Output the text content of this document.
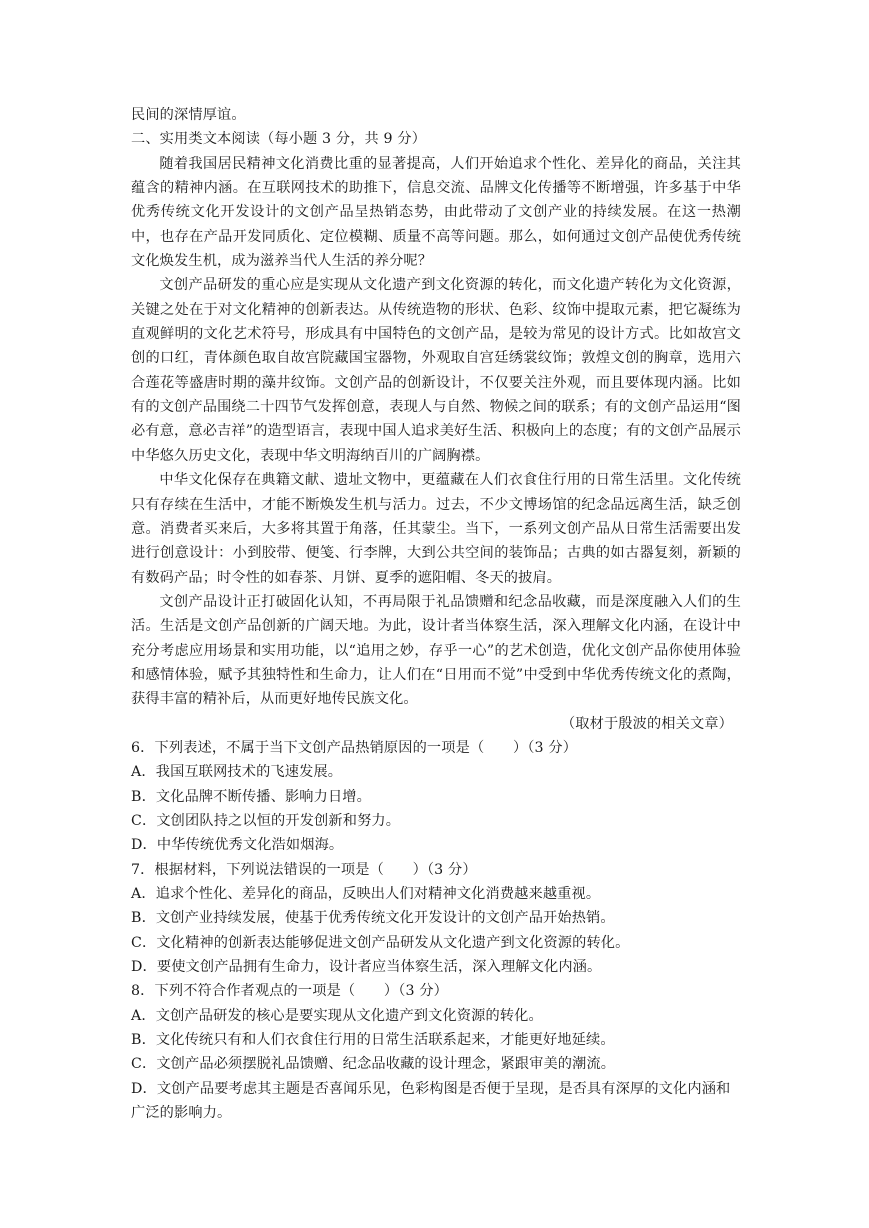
民间的深情厚谊。

二、实用类文本阅读（每小题 3 分，共 9 分）

随着我国居民精神文化消费比重的显著提高，人们开始追求个性化、差异化的商品，关注其蕴含的精神内涵。在互联网技术的助推下，信息交流、品牌文化传播等不断增强，许多基于中华优秀传统文化开发设计的文创产品呈热销态势，由此带动了文创产业的持续发展。在这一热潮中，也存在产品开发同质化、定位模糊、质量不高等问题。那么，如何通过文创产品使优秀传统文化焕发生机，成为滋养当代人生活的养分呢？

文创产品研发的重心应是实现从文化遗产到文化资源的转化，而文化遗产转化为文化资源，关键之处在于对文化精神的创新表达。从传统造物的形状、色彩、纹饰中提取元素，把它凝练为直观鲜明的文化艺术符号，形成具有中国特色的文创产品，是较为常见的设计方式。比如故宫文创的口红，青体颜色取自故宫院藏国宝器物，外观取自宫廷绣裳纹饰；敦煌文创的胸章，选用六合莲花等盛唐时期的藻井纹饰。文创产品的创新设计，不仅要关注外观，而且要体现内涵。比如有的文创产品围绕二十四节气发挥创意，表现人与自然、物候之间的联系；有的文创产品运用“图必有意，意必吉祥”的造型语言，表现中国人追求美好生活、积极向上的态度；有的文创产品展示中华悠久历史文化，表现中华文明海纳百川的广阔胸襟。

中华文化保存在典籍文献、遗址文物中，更蕴藏在人们衣食住行用的日常生活里。文化传统只有存续在生活中，才能不断焕发生机与活力。过去，不少文博场馆的纪念品远离生活，缺乏创意。消费者买来后，大多将其置于角落，任其蒙尘。当下，一系列文创产品从日常生活需要出发进行创意设计：小到胶带、便笺、行李牌，大到公共空间的装饰品；古典的如古器复刻，新颖的有数码产品；时令性的如春茶、月饼、夏季的遮阳帽、冬天的披肩。

文创产品设计正打破固化认知，不再局限于礼品馈赠和纪念品收藏，而是深度融入人们的生活。生活是文创产品创新的广阔天地。为此，设计者当体察生活，深入理解文化内涵，在设计中充分考虑应用场景和实用功能，以“追用之妙，存乎一心”的艺术创造，优化文创产品你使用体验和感情体验，赋予其独特性和生命力，让人们在“日用而不觉”中受到中华优秀传统文化的煮陶，获得丰富的精补后，从而更好地传民族文化。

（取材于殷波的相关文章）

6．下列表述，不属于当下文创产品热销原因的一项是（　　）（3 分）

A．我国互联网技术的飞速发展。

B．文化品牌不断传播、影响力日增。

C．文创团队持之以恒的开发创新和努力。

D．中华传统优秀文化浩如烟海。

7．根据材料，下列说法错误的一项是（　　）（3 分）

A．追求个性化、差异化的商品，反映出人们对精神文化消费越来越重视。

B．文创产业持续发展，使基于优秀传统文化开发设计的文创产品开始热销。

C．文化精神的创新表达能够促进文创产品研发从文化遗产到文化资源的转化。

D．要使文创产品拥有生命力，设计者应当体察生活，深入理解文化内涵。

8．下列不符合作者观点的一项是（　　）（3 分）

A．文创产品研发的核心是要实现从文化遗产到文化资源的转化。

B．文化传统只有和人们衣食住行用的日常生活联系起来，才能更好地延续。

C．文创产品必须摆脱礼品馈赠、纪念品收藏的设计理念，紧跟审美的潮流。

D．文创产品要考虑其主题是否喜闻乐见，色彩构图是否便于呈现，是否具有深厚的文化内涵和广泛的影响力。
